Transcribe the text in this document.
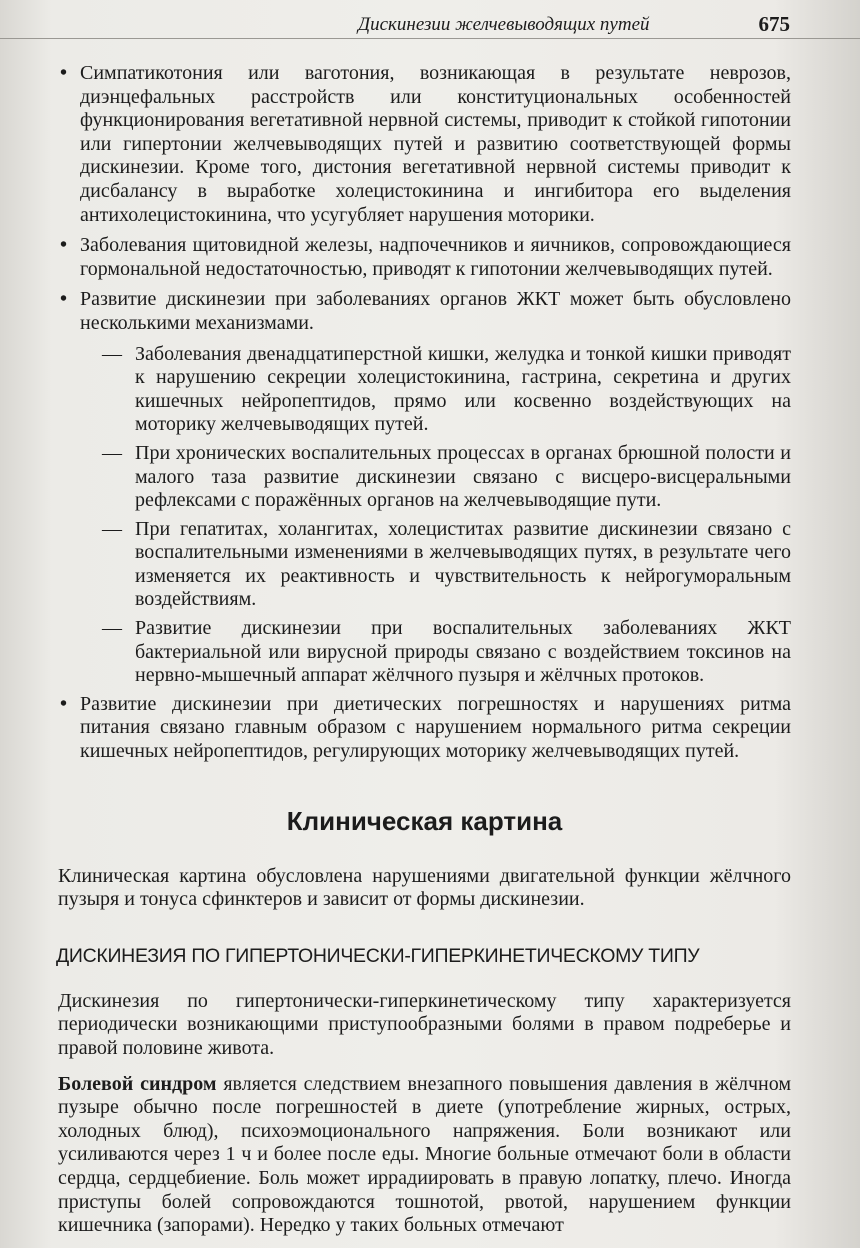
Дискинезии желчевыводящих путей	675
• Симпатикотония или ваготония, возникающая в результате неврозов, диэнцефальных расстройств или конституциональных особенностей функционирования вегетативной нервной системы, приводит к стойкой гипотонии или гипертонии желчевыводящих путей и развитию соответствующей формы дискинезии. Кроме того, дистония вегетативной нервной системы приводит к дисбалансу в выработке холецистокинина и ингибитора его выделения антихолецистокинина, что усугубляет нарушения моторики.
• Заболевания щитовидной железы, надпочечников и яичников, сопровождающиеся гормональной недостаточностью, приводят к гипотонии желчевыводящих путей.
• Развитие дискинезии при заболеваниях органов ЖКТ может быть обусловлено несколькими механизмами.
— Заболевания двенадцатиперстной кишки, желудка и тонкой кишки приводят к нарушению секреции холецистокинина, гастрина, секретина и других кишечных нейропептидов, прямо или косвенно воздействующих на моторику желчевыводящих путей.
— При хронических воспалительных процессах в органах брюшной полости и малого таза развитие дискинезии связано с висцеро-висцеральными рефлексами с поражённых органов на желчевыводящие пути.
— При гепатитах, холангитах, холециститах развитие дискинезии связано с воспалительными изменениями в желчевыводящих путях, в результате чего изменяется их реактивность и чувствительность к нейрогуморальным воздействиям.
— Развитие дискинезии при воспалительных заболеваниях ЖКТ бактериальной или вирусной природы связано с воздействием токсинов на нервно-мышечный аппарат жёлчного пузыря и жёлчных протоков.
• Развитие дискинезии при диетических погрешностях и нарушениях ритма питания связано главным образом с нарушением нормального ритма секреции кишечных нейропептидов, регулирующих моторику желчевыводящих путей.
Клиническая картина

Клиническая картина обусловлена нарушениями двигательной функции жёлчного пузыря и тонуса сфинктеров и зависит от формы дискинезии.

ДИСКИНЕЗИЯ ПО ГИПЕРТОНИЧЕСКИ-ГИПЕРКИНЕТИЧЕСКОМУ ТИПУ

Дискинезия по гипертонически-гиперкинетическому типу характеризуется периодически возникающими приступообразными болями в правом подреберье и правой половине живота.

Болевой синдром является следствием внезапного повышения давления в жёлчном пузыре обычно после погрешностей в диете (употребление жирных, острых, холодных блюд), психоэмоционального напряжения. Боли возникают или усиливаются через 1 ч и более после еды. Многие больные отмечают боли в области сердца, сердцебиение. Боль может иррадиировать в правую лопатку, плечо. Иногда приступы болей сопровождаются тошнотой, рвотой, нарушением функции кишечника (запорами). Нередко у таких больных отмечают
